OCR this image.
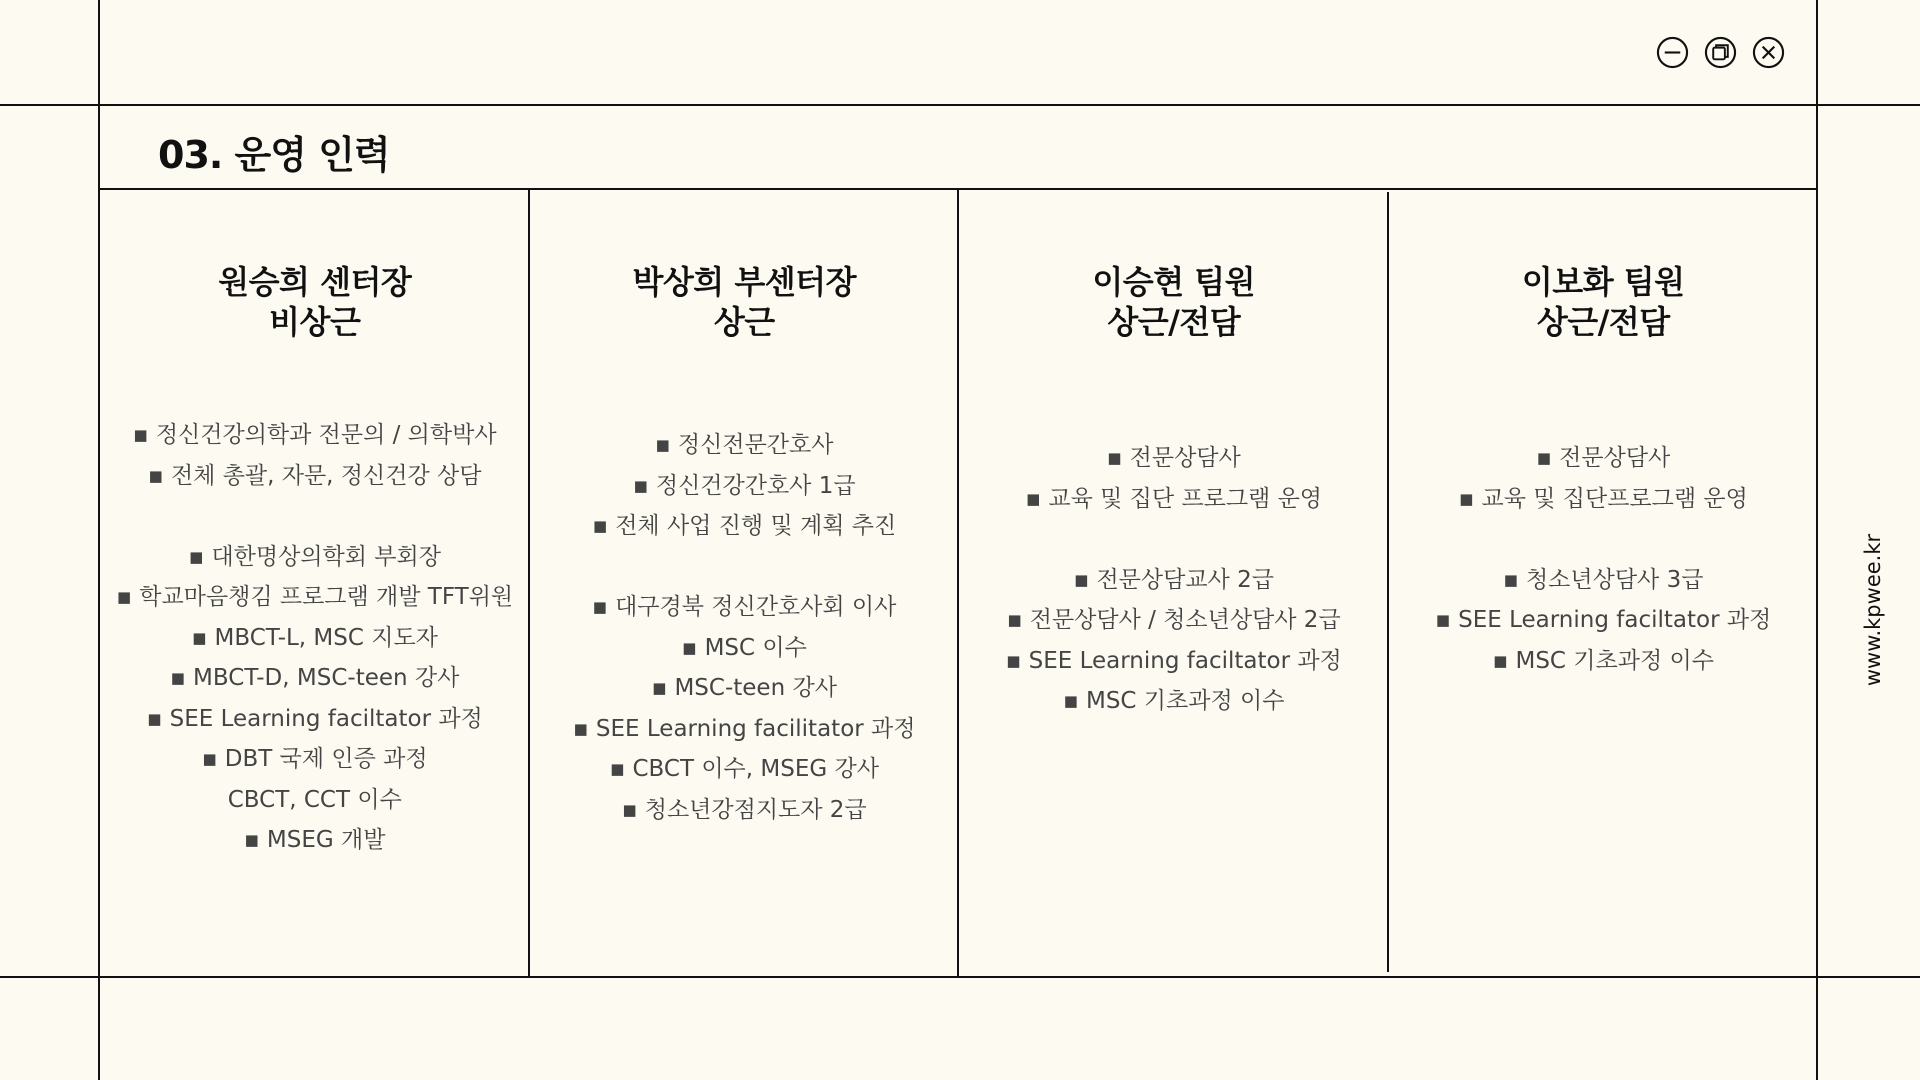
03. 운영 인력
원승희 센터장
비상근
▪ 정신건강의학과 전문의 / 의학박사
▪ 전체 총괄, 자문, 정신건강 상담
▪ 대한명상의학회 부회장
▪ 학교마음챙김 프로그램 개발 TFT위원
▪ MBCT-L, MSC 지도자
▪ MBCT-D, MSC-teen 강사
▪ SEE Learning faciltator 과정
▪ DBT 국제 인증 과정
CBCT, CCT 이수
▪ MSEG 개발
박상희 부센터장
상근
▪ 정신전문간호사
▪ 정신건강간호사 1급
▪ 전체 사업 진행 및 계획 추진
▪ 대구경북 정신간호사회 이사
▪ MSC 이수
▪ MSC-teen 강사
▪ SEE Learning facilitator 과정
▪ CBCT 이수, MSEG 강사
▪ 청소년강점지도자 2급
이승현 팀원
상근/전담
▪ 전문상담사
▪ 교육 및 집단 프로그램 운영
▪ 전문상담교사 2급
▪ 전문상담사 / 청소년상담사 2급
▪ SEE Learning faciltator 과정
▪ MSC 기초과정 이수
이보화 팀원
상근/전담
▪ 전문상담사
▪ 교육 및 집단프로그램 운영
▪ 청소년상담사 3급
▪ SEE Learning faciltator 과정
▪ MSC 기초과정 이수	www.kpwee.kr
